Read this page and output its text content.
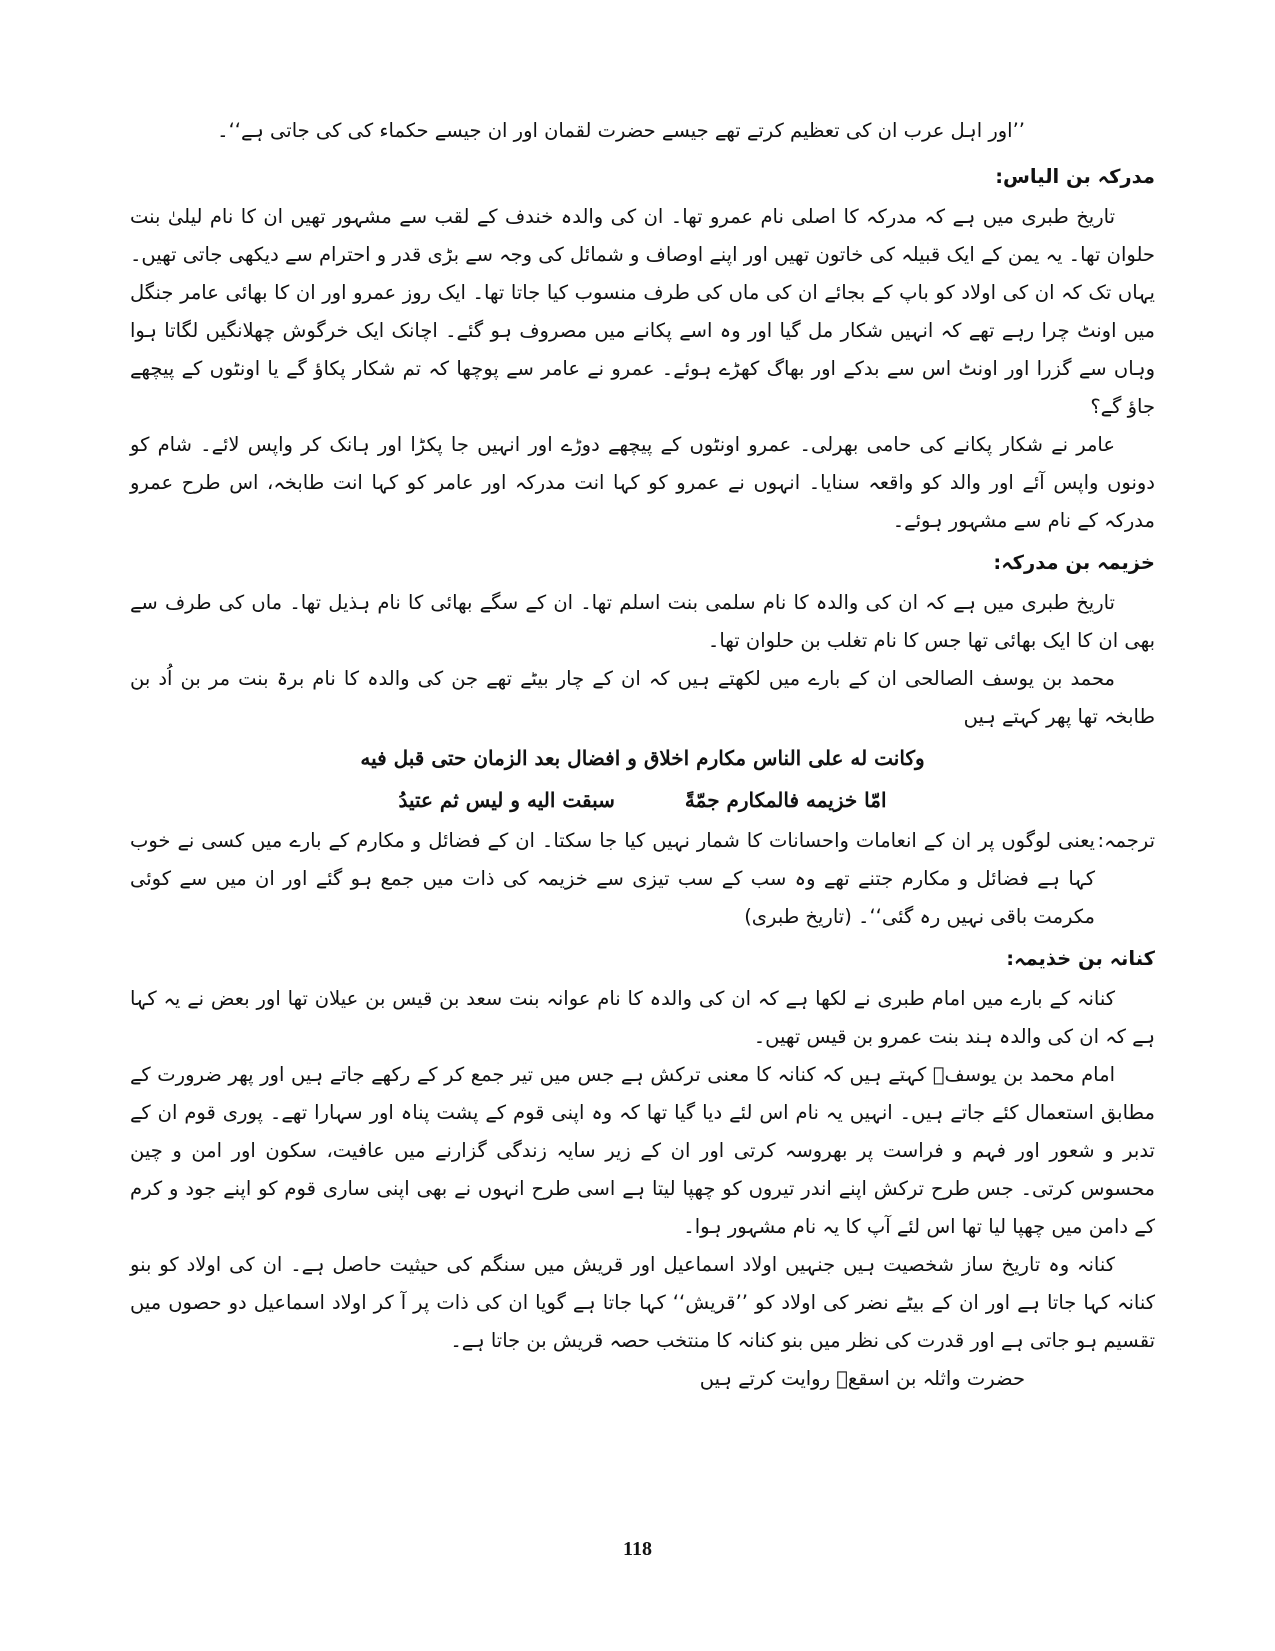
’’اور اہل عرب ان کی تعظیم کرتے تھے جیسے حضرت لقمان اور ان جیسے حکماء کی کی جاتی ہے‘‘۔

مدرکہ بن الیاس:

تاریخ طبری میں ہے کہ مدرکہ کا اصلی نام عمرو تھا۔ ان کی والدہ خندف کے لقب سے مشہور تھیں ان کا نام لیلیٰ بنت حلوان تھا۔ یہ یمن کے ایک قبیلہ کی خاتون تھیں اور اپنے اوصاف و شمائل کی وجہ سے بڑی قدر و احترام سے دیکھی جاتی تھیں۔ یہاں تک کہ ان کی اولاد کو باپ کے بجائے ان کی ماں کی طرف منسوب کیا جاتا تھا۔ ایک روز عمرو اور ان کا بھائی عامر جنگل میں اونٹ چرا رہے تھے کہ انہیں شکار مل گیا اور وہ اسے پکانے میں مصروف ہو گئے۔ اچانک ایک خرگوش چھلانگیں لگاتا ہوا وہاں سے گزرا اور اونٹ اس سے بدکے اور بھاگ کھڑے ہوئے۔ عمرو نے عامر سے پوچھا کہ تم شکار پکاؤ گے یا اونٹوں کے پیچھے جاؤ گے؟

عامر نے شکار پکانے کی حامی بھرلی۔ عمرو اونٹوں کے پیچھے دوڑے اور انہیں جا پکڑا اور ہانک کر واپس لائے۔ شام کو دونوں واپس آئے اور والد کو واقعہ سنایا۔ انہوں نے عمرو کو کہا انت مدرکہ اور عامر کو کہا انت طابخہ، اس طرح عمرو مدرکہ کے نام سے مشہور ہوئے۔

خزیمہ بن مدرکہ:

تاریخ طبری میں ہے کہ ان کی والدہ کا نام سلمی بنت اسلم تھا۔ ان کے سگے بھائی کا نام ہذیل تھا۔ ماں کی طرف سے بھی ان کا ایک بھائی تھا جس کا نام تغلب بن حلوان تھا۔

محمد بن یوسف الصالحی ان کے بارے میں لکھتے ہیں کہ ان کے چار بیٹے تھے جن کی والدہ کا نام برۃ بنت مر بن اُد بن طابخہ تھا پھر کہتے ہیں

وکانت له علی الناس مکارم اخلاق و افضال بعد الزمان حتی قبل فیه

امّا خزیمه فالمکارم جمّةً
سبقت الیه و لیس ثم عتیدُ
ترجمہ:

یعنی لوگوں پر ان کے انعامات واحسانات کا شمار نہیں کیا جا سکتا۔ ان کے فضائل و مکارم کے بارے میں کسی نے خوب کہا ہے فضائل و مکارم جتنے تھے وہ سب کے سب تیزی سے خزیمہ کی ذات میں جمع ہو گئے اور ان میں سے کوئی مکرمت باقی نہیں رہ گئی‘‘۔ (تاریخ طبری)

کنانہ بن خذیمہ:

کنانہ کے بارے میں امام طبری نے لکھا ہے کہ ان کی والدہ کا نام عوانہ بنت سعد بن قیس بن عیلان تھا اور بعض نے یہ کہا ہے کہ ان کی والدہ ہند بنت عمرو بن قیس تھیں۔

امام محمد بن یوسفؒ کہتے ہیں کہ کنانہ کا معنی ترکش ہے جس میں تیر جمع کر کے رکھے جاتے ہیں اور پھر ضرورت کے مطابق استعمال کئے جاتے ہیں۔ انہیں یہ نام اس لئے دیا گیا تھا کہ وہ اپنی قوم کے پشت پناہ اور سہارا تھے۔ پوری قوم ان کے تدبر و شعور اور فہم و فراست پر بھروسہ کرتی اور ان کے زیر سایہ زندگی گزارنے میں عافیت، سکون اور امن و چین محسوس کرتی۔ جس طرح ترکش اپنے اندر تیروں کو چھپا لیتا ہے اسی طرح انہوں نے بھی اپنی ساری قوم کو اپنے جود و کرم کے دامن میں چھپا لیا تھا اس لئے آپ کا یہ نام مشہور ہوا۔

کنانہ وہ تاریخ ساز شخصیت ہیں جنہیں اولاد اسماعیل اور قریش میں سنگم کی حیثیت حاصل ہے۔ ان کی اولاد کو بنو کنانہ کہا جاتا ہے اور ان کے بیٹے نضر کی اولاد کو ’’قریش‘‘ کہا جاتا ہے گویا ان کی ذات پر آ کر اولاد اسماعیل دو حصوں میں تقسیم ہو جاتی ہے اور قدرت کی نظر میں بنو کنانہ کا منتخب حصہ قریش بن جاتا ہے۔

حضرت واثلہ بن اسقعؓ روایت کرتے ہیں

118
